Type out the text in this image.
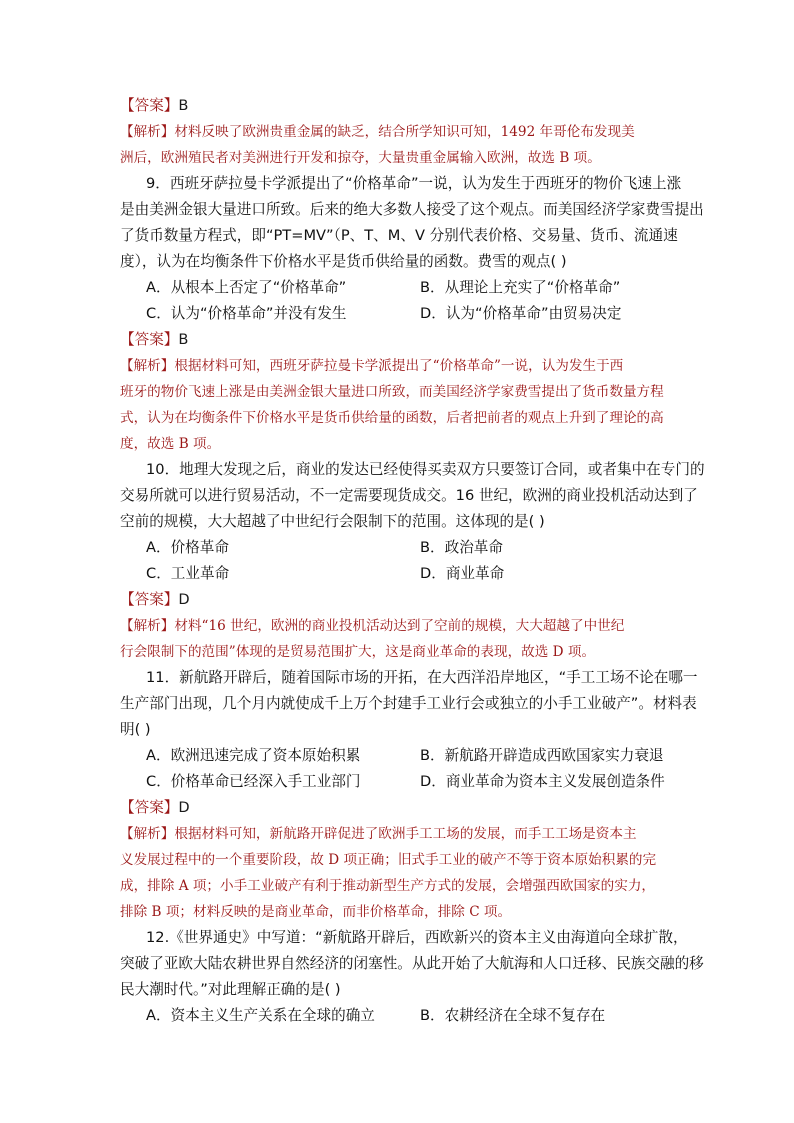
【答案】B
【解析】材料反映了欧洲贵重金属的缺乏，结合所学知识可知，1492 年哥伦布发现美
洲后，欧洲殖民者对美洲进行开发和掠夺，大量贵重金属输入欧洲，故选 B 项。
9．西班牙萨拉曼卡学派提出了“价格革命”一说，认为发生于西班牙的物价飞速上涨
是由美洲金银大量进口所致。后来的绝大多数人接受了这个观点。而美国经济学家费雪提出
了货币数量方程式，即“PT=MV”（P、T、M、V 分别代表价格、交易量、货币、流通速
度），认为在均衡条件下价格水平是货币供给量的函数。费雪的观点( )
A．从根本上否定了“价格革命”	B．从理论上充实了“价格革命”
C．认为“价格革命”并没有发生	D．认为“价格革命”由贸易决定
【答案】B
【解析】根据材料可知，西班牙萨拉曼卡学派提出了“价格革命”一说，认为发生于西
班牙的物价飞速上涨是由美洲金银大量进口所致，而美国经济学家费雪提出了货币数量方程
式，认为在均衡条件下价格水平是货币供给量的函数，后者把前者的观点上升到了理论的高
度，故选 B 项。
10．地理大发现之后，商业的发达已经使得买卖双方只要签订合同，或者集中在专门的
交易所就可以进行贸易活动，不一定需要现货成交。16 世纪，欧洲的商业投机活动达到了
空前的规模，大大超越了中世纪行会限制下的范围。这体现的是( )
A．价格革命	B．政治革命
C．工业革命	D．商业革命
【答案】D
【解析】材料“16 世纪，欧洲的商业投机活动达到了空前的规模，大大超越了中世纪
行会限制下的范围”体现的是贸易范围扩大，这是商业革命的表现，故选 D 项。
11．新航路开辟后，随着国际市场的开拓，在大西洋沿岸地区，“手工工场不论在哪一
生产部门出现，几个月内就使成千上万个封建手工业行会或独立的小手工业破产”。材料表
明( )
A．欧洲迅速完成了资本原始积累	B．新航路开辟造成西欧国家实力衰退
C．价格革命已经深入手工业部门	D．商业革命为资本主义发展创造条件
【答案】D
【解析】根据材料可知，新航路开辟促进了欧洲手工工场的发展，而手工工场是资本主
义发展过程中的一个重要阶段，故 D 项正确；旧式手工业的破产不等于资本原始积累的完
成，排除 A 项；小手工业破产有利于推动新型生产方式的发展，会增强西欧国家的实力，
排除 B 项；材料反映的是商业革命，而非价格革命，排除 C 项。
12.《世界通史》中写道：“新航路开辟后，西欧新兴的资本主义由海道向全球扩散，
突破了亚欧大陆农耕世界自然经济的闭塞性。从此开始了大航海和人口迁移、民族交融的移
民大潮时代。”对此理解正确的是( )
A．资本主义生产关系在全球的确立	B．农耕经济在全球不复存在
